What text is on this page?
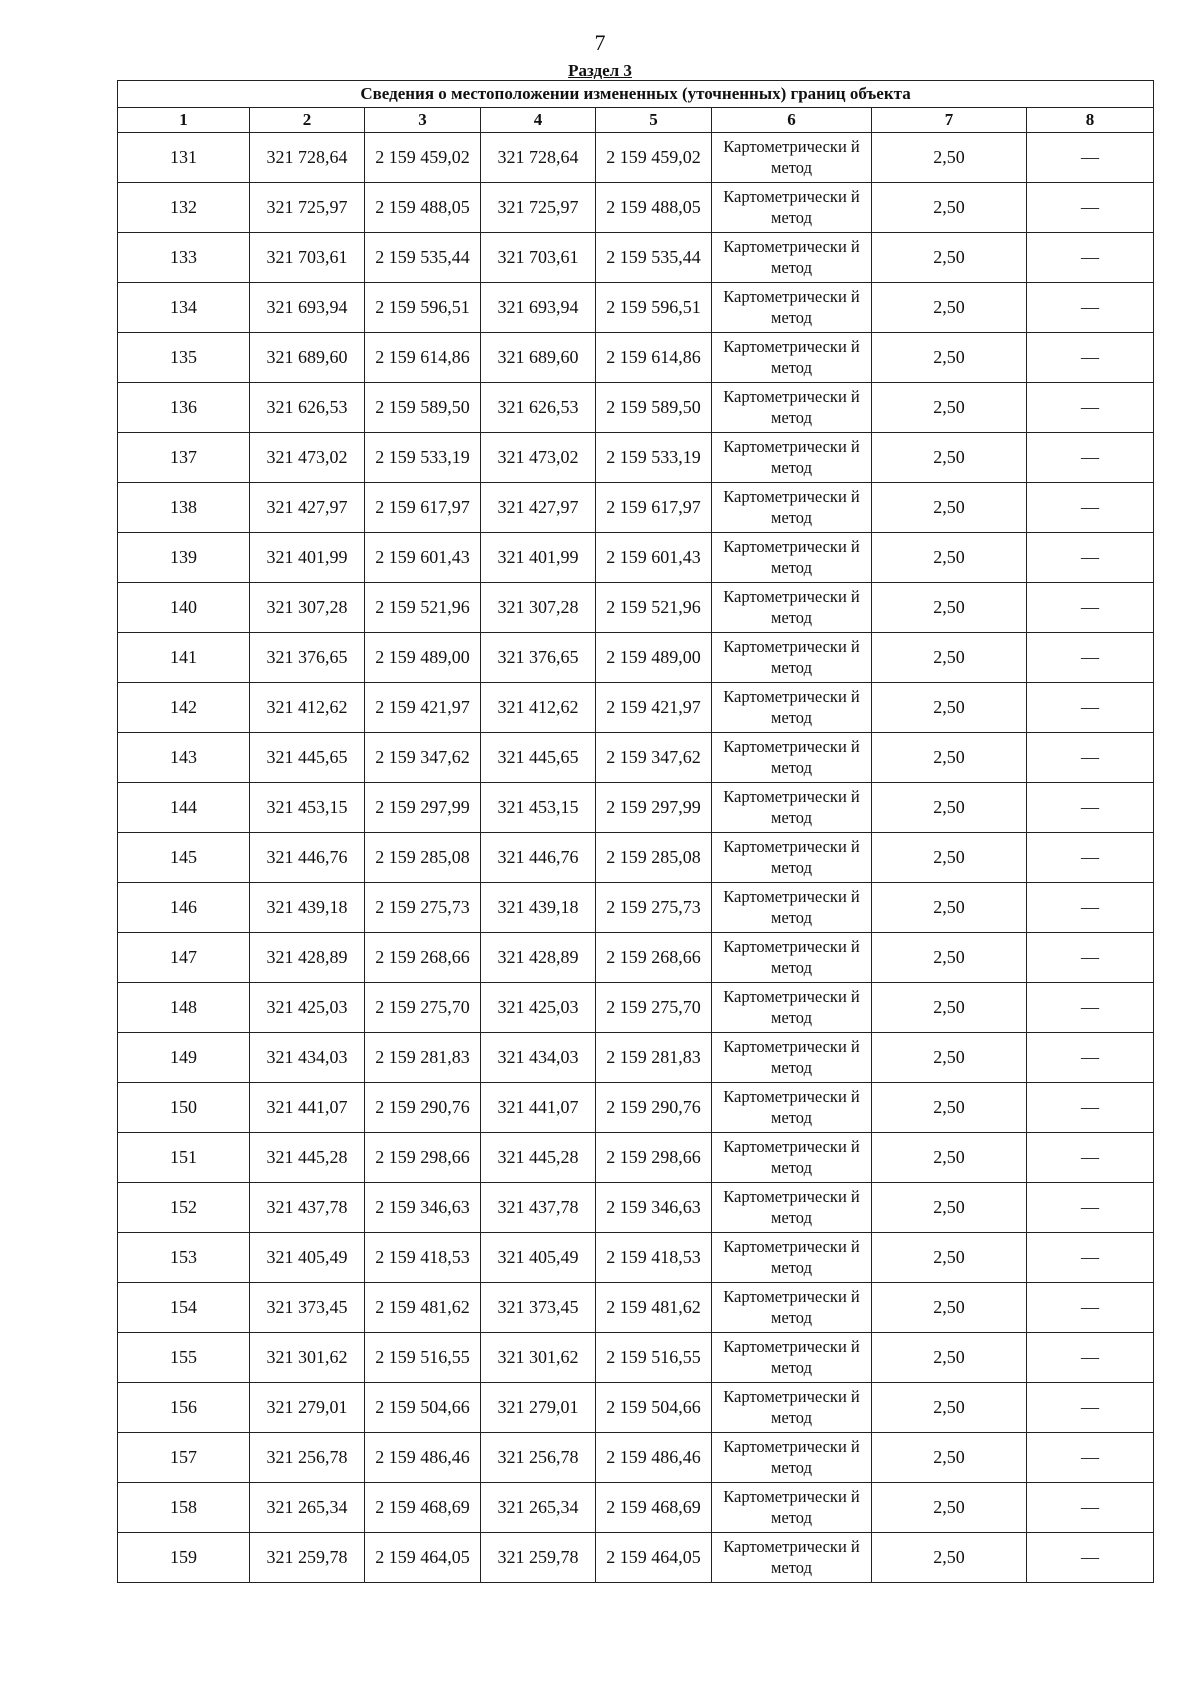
7
Раздел 3
Сведения о местоположении измененных (уточненных) границ объекта							
1	2	3	4	5	6	7	8
131	321 728,64	2 159 459,02	321 728,64	2 159 459,02	Картометрически й метод	2,50	—
132	321 725,97	2 159 488,05	321 725,97	2 159 488,05	Картометрически й метод	2,50	—
133	321 703,61	2 159 535,44	321 703,61	2 159 535,44	Картометрически й метод	2,50	—
134	321 693,94	2 159 596,51	321 693,94	2 159 596,51	Картометрически й метод	2,50	—
135	321 689,60	2 159 614,86	321 689,60	2 159 614,86	Картометрически й метод	2,50	—
136	321 626,53	2 159 589,50	321 626,53	2 159 589,50	Картометрически й метод	2,50	—
137	321 473,02	2 159 533,19	321 473,02	2 159 533,19	Картометрически й метод	2,50	—
138	321 427,97	2 159 617,97	321 427,97	2 159 617,97	Картометрически й метод	2,50	—
139	321 401,99	2 159 601,43	321 401,99	2 159 601,43	Картометрически й метод	2,50	—
140	321 307,28	2 159 521,96	321 307,28	2 159 521,96	Картометрически й метод	2,50	—
141	321 376,65	2 159 489,00	321 376,65	2 159 489,00	Картометрически й метод	2,50	—
142	321 412,62	2 159 421,97	321 412,62	2 159 421,97	Картометрически й метод	2,50	—
143	321 445,65	2 159 347,62	321 445,65	2 159 347,62	Картометрически й метод	2,50	—
144	321 453,15	2 159 297,99	321 453,15	2 159 297,99	Картометрически й метод	2,50	—
145	321 446,76	2 159 285,08	321 446,76	2 159 285,08	Картометрически й метод	2,50	—
146	321 439,18	2 159 275,73	321 439,18	2 159 275,73	Картометрически й метод	2,50	—
147	321 428,89	2 159 268,66	321 428,89	2 159 268,66	Картометрически й метод	2,50	—
148	321 425,03	2 159 275,70	321 425,03	2 159 275,70	Картометрически й метод	2,50	—
149	321 434,03	2 159 281,83	321 434,03	2 159 281,83	Картометрически й метод	2,50	—
150	321 441,07	2 159 290,76	321 441,07	2 159 290,76	Картометрически й метод	2,50	—
151	321 445,28	2 159 298,66	321 445,28	2 159 298,66	Картометрически й метод	2,50	—
152	321 437,78	2 159 346,63	321 437,78	2 159 346,63	Картометрически й метод	2,50	—
153	321 405,49	2 159 418,53	321 405,49	2 159 418,53	Картометрически й метод	2,50	—
154	321 373,45	2 159 481,62	321 373,45	2 159 481,62	Картометрически й метод	2,50	—
155	321 301,62	2 159 516,55	321 301,62	2 159 516,55	Картометрически й метод	2,50	—
156	321 279,01	2 159 504,66	321 279,01	2 159 504,66	Картометрически й метод	2,50	—
157	321 256,78	2 159 486,46	321 256,78	2 159 486,46	Картометрически й метод	2,50	—
158	321 265,34	2 159 468,69	321 265,34	2 159 468,69	Картометрически й метод	2,50	—
159	321 259,78	2 159 464,05	321 259,78	2 159 464,05	Картометрически й метод	2,50	—
